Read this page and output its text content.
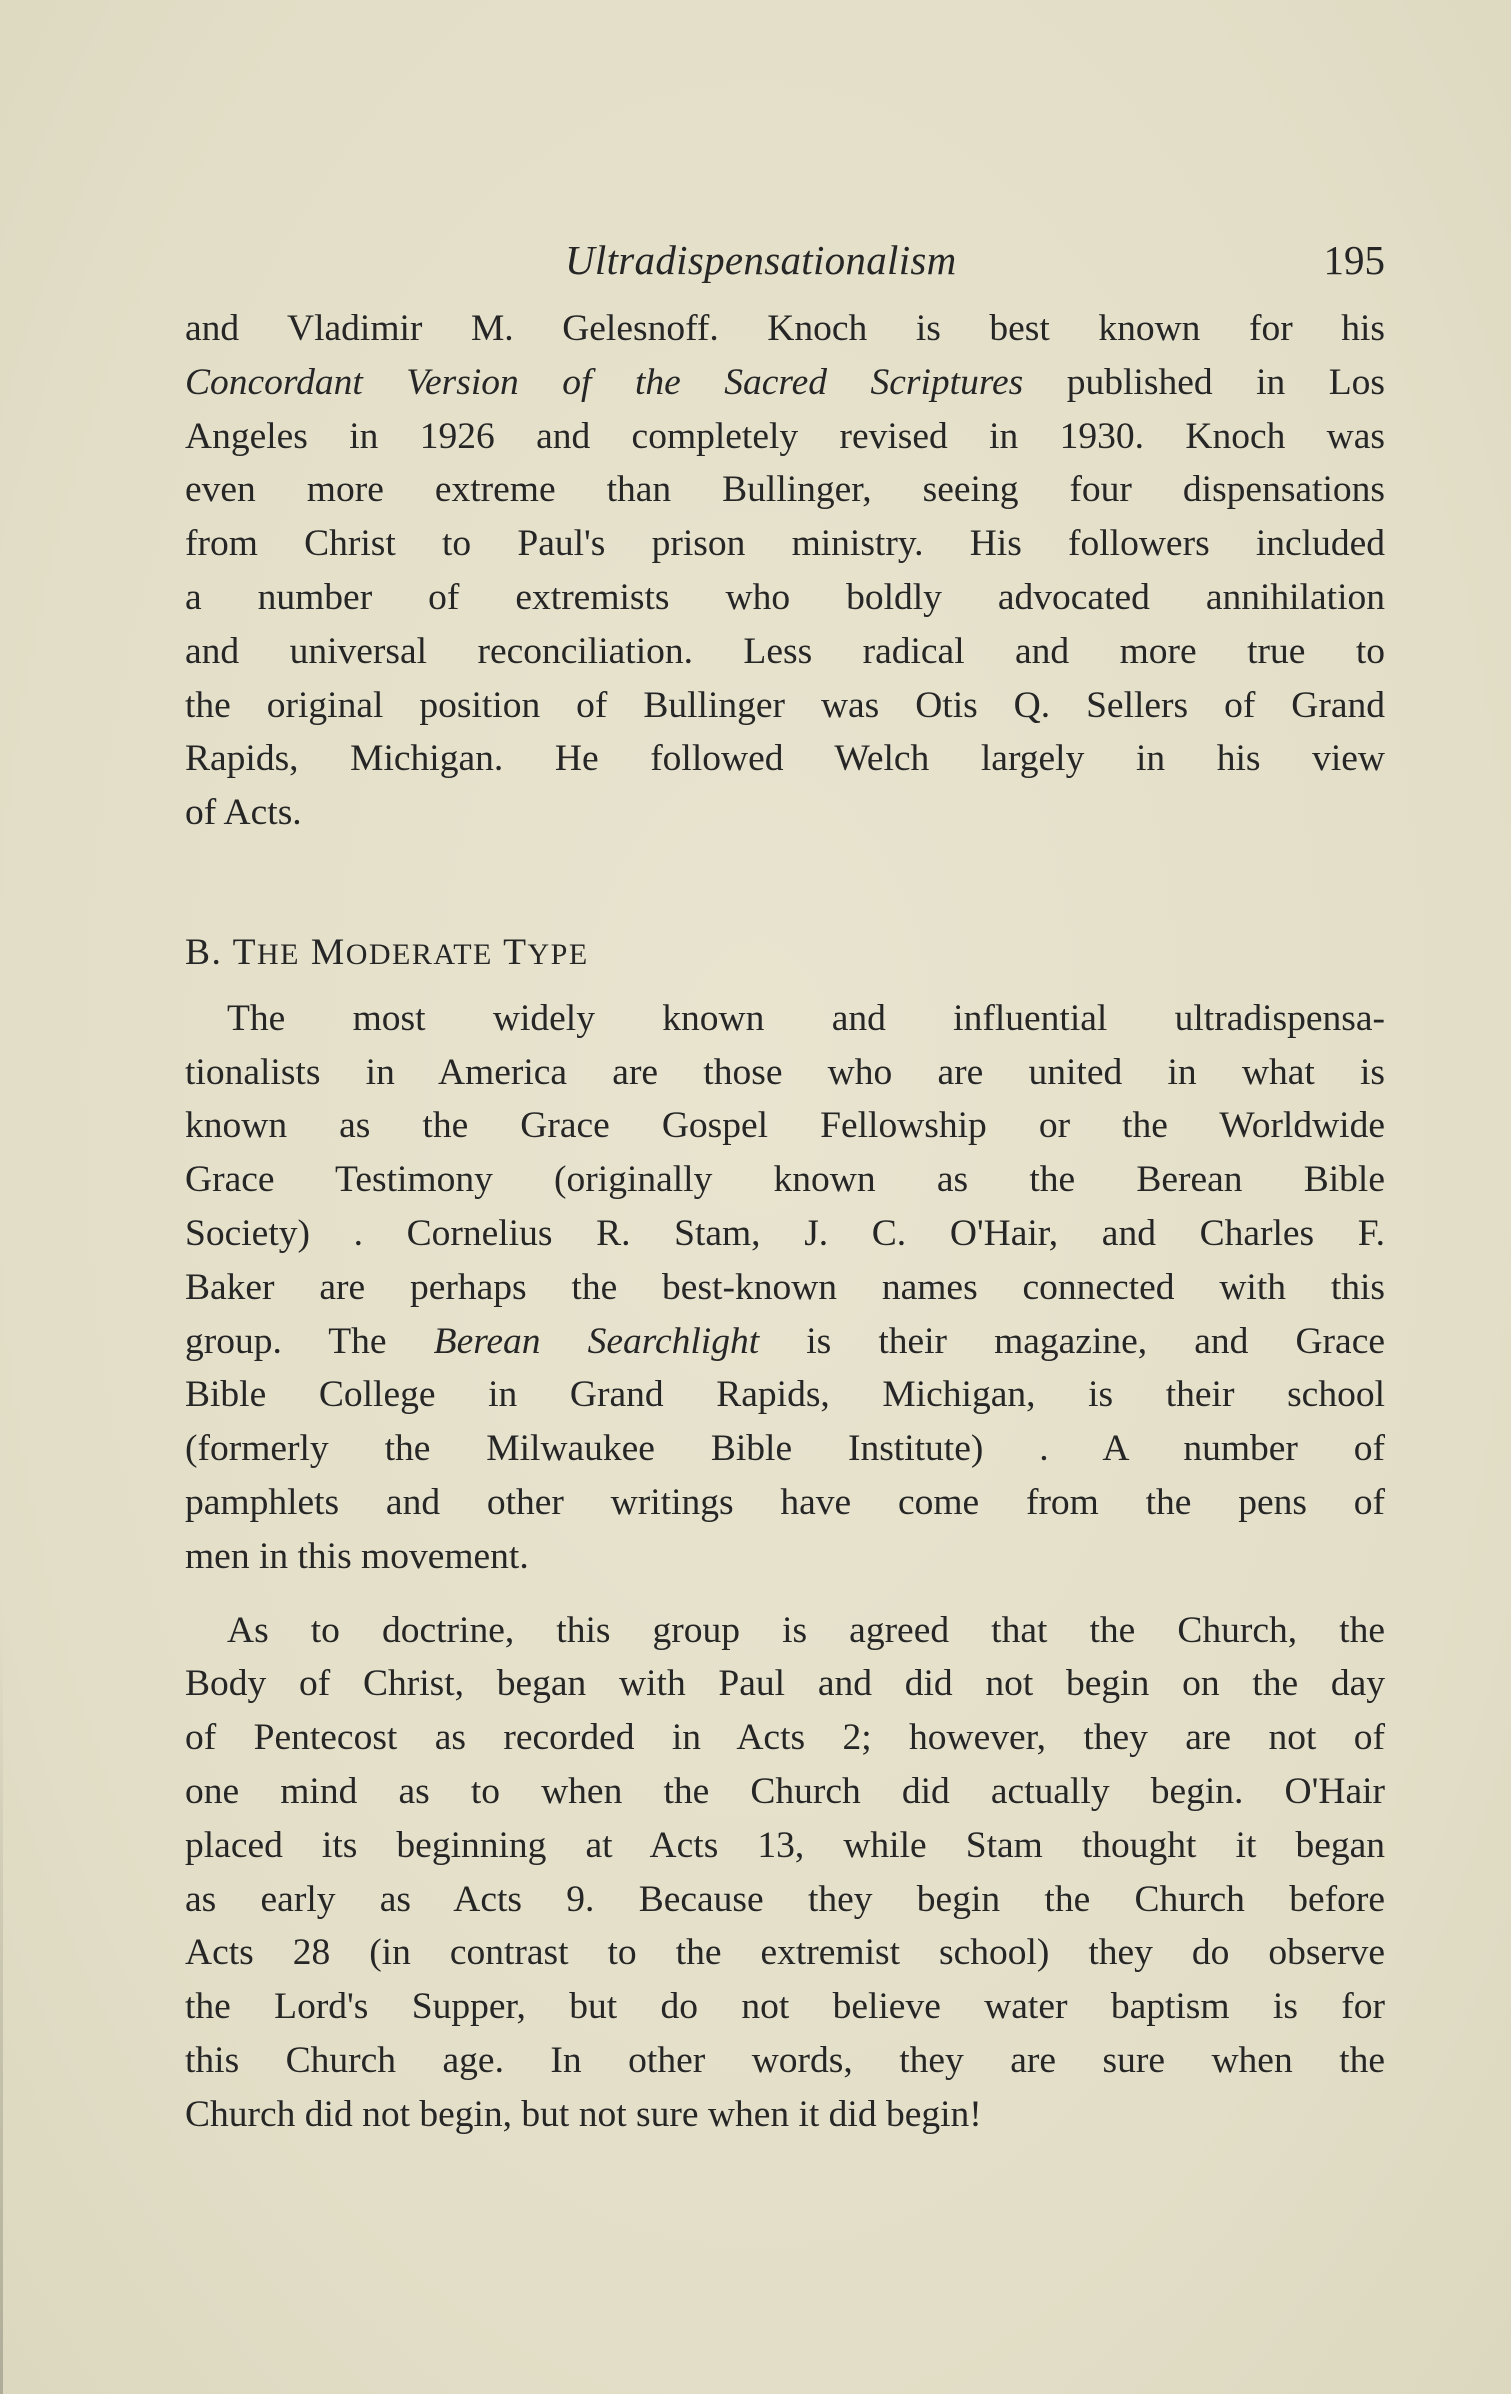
Ultradispensationalism	195
and Vladimir M. Gelesnoff. Knoch is best known for his
Concordant Version of the Sacred Scriptures published in Los
Angeles in 1926 and completely revised in 1930. Knoch was
even more extreme than Bullinger, seeing four dispensations
from Christ to Paul's prison ministry. His followers included
a number of extremists who boldly advocated annihilation
and universal reconciliation. Less radical and more true to
the original position of Bullinger was Otis Q. Sellers of Grand
Rapids, Michigan. He followed Welch largely in his view
of Acts.
B. THE MODERATE TYPE
The most widely known and influential ultradispensa-
tionalists in America are those who are united in what is
known as the Grace Gospel Fellowship or the Worldwide
Grace Testimony (originally known as the Berean Bible
Society) . Cornelius R. Stam, J. C. O'Hair, and Charles F.
Baker are perhaps the best-known names connected with this
group. The Berean Searchlight is their magazine, and Grace
Bible College in Grand Rapids, Michigan, is their school
(formerly the Milwaukee Bible Institute) . A number of
pamphlets and other writings have come from the pens of
men in this movement.
As to doctrine, this group is agreed that the Church, the
Body of Christ, began with Paul and did not begin on the day
of Pentecost as recorded in Acts 2; however, they are not of
one mind as to when the Church did actually begin. O'Hair
placed its beginning at Acts 13, while Stam thought it began
as early as Acts 9. Because they begin the Church before
Acts 28 (in contrast to the extremist school) they do observe
the Lord's Supper, but do not believe water baptism is for
this Church age. In other words, they are sure when the
Church did not begin, but not sure when it did begin!
